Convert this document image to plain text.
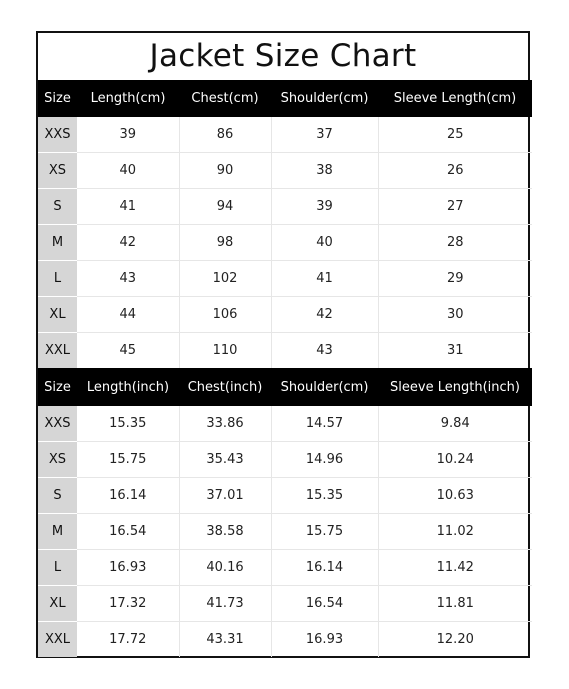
Jacket Size Chart
Size	Length(cm)	Chest(cm)	Shoulder(cm)	Sleeve Length(cm)
XXS	39	86	37	25
XS	40	90	38	26
S	41	94	39	27
M	42	98	40	28
L	43	102	41	29
XL	44	106	42	30
XXL	45	110	43	31
Size	Length(inch)	Chest(inch)	Shoulder(cm)	Sleeve Length(inch)
XXS	15.35	33.86	14.57	9.84
XS	15.75	35.43	14.96	10.24
S	16.14	37.01	15.35	10.63
M	16.54	38.58	15.75	11.02
L	16.93	40.16	16.14	11.42
XL	17.32	41.73	16.54	11.81
XXL	17.72	43.31	16.93	12.20
